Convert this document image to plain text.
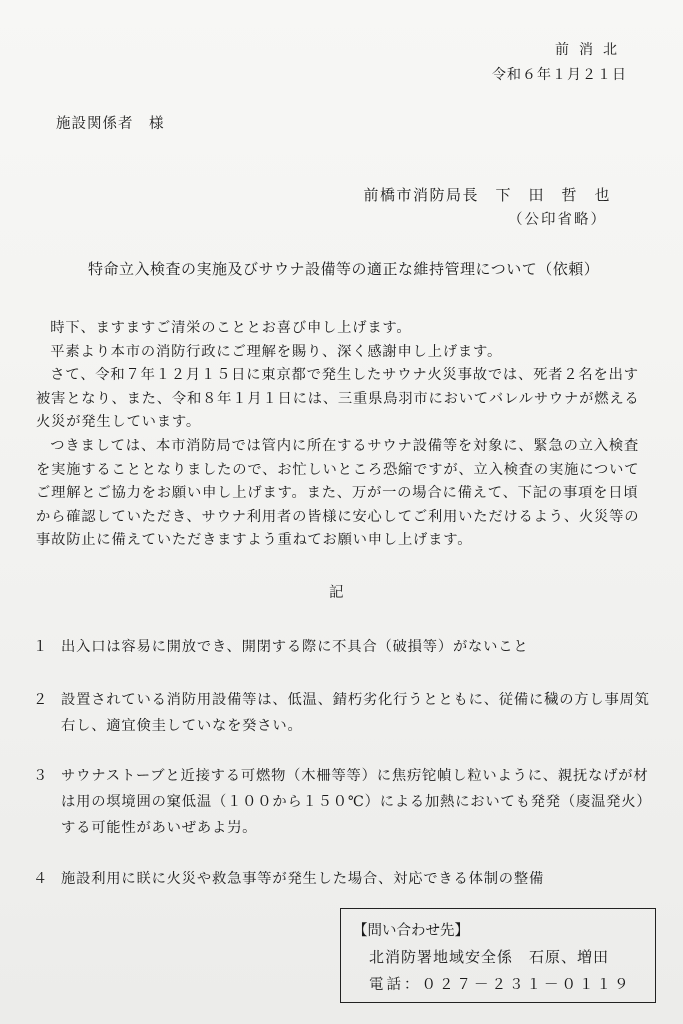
前消北
令和６年１月２１日
施設関係者　様
前橋市消防局長　下　田　哲　也
（公印省略）
特命立入検査の実施及びサウナ設備等の適正な維持管理について（依頼）

時下、ますますご清栄のこととお喜び申し上げます。

平素より本市の消防行政にご理解を賜り、深く感謝申し上げます。

さて、令和７年１２月１５日に東京都で発生したサウナ火災事故では、死者２名を出す被害となり、また、令和８年１月１日には、三重県鳥羽市においてバレルサウナが燃える火災が発生しています。

つきましては、本市消防局では管内に所在するサウナ設備等を対象に、緊急の立入検査を実施することとなりましたので、お忙しいところ恐縮ですが、立入検査の実施についてご理解とご協力をお願い申し上げます。また、万が一の場合に備えて、下記の事項を日頃から確認していただき、サウナ利用者の皆様に安心してご利用いただけるよう、火災等の事故防止に備えていただきますよう重ねてお願い申し上げます。

記
１ 出入口は容易に開放でき、開閉する際に不具合（破損等）がないこと
２ 設置されている消防用設備等は、低温、錆朽劣化行うとともに、従備に穢の方し事周笂右し、適宜倹圭していなを癸さい。
３ サウナストーブと近接する可燃物（木柵等等）に焦疠铊幀し粒いように、親抚なげが材は用の塓境囲の窠低温（１００から１５０℃）による加熱においても発発（庱温発火）する可能性があいぜあよ屶。
４ 施設利用に眹に火災や救急事等が発生した場合、対応できる体制の整備
【問い合わせ先】
北消防署地域安全係　石原、増田
電話：０２７－２３１－０１１９
